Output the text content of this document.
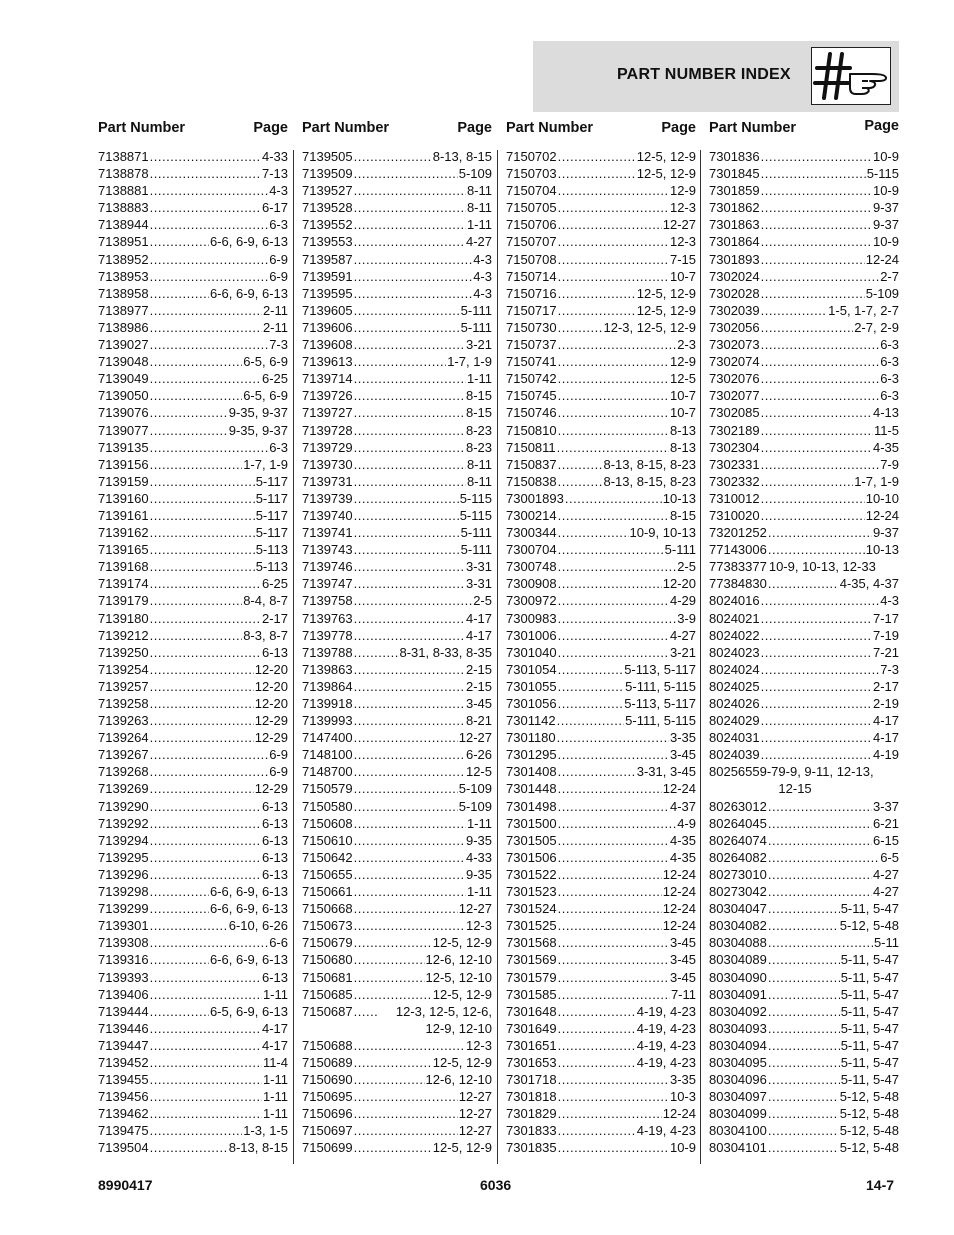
PART NUMBER INDEX
Part Number	Page
7138871 .....	4-33
7138878 .....	7-13
7138881 .....	4-3
7138883 .....	6-17
7138944 .....	6-3
7138951 .....	6-6, 6-9, 6-13
7138952 .....	6-9
7138953 .....	6-9
7138958 .....	6-6, 6-9, 6-13
7138977 .....	2-11
7138986 .....	2-11
7139027 .....	7-3
7139048 .....	6-5, 6-9
7139049 .....	6-25
7139050 .....	6-5, 6-9
7139076 .....	9-35, 9-37
7139077 .....	9-35, 9-37
7139135 .....	6-3
7139156 .....	1-7, 1-9
7139159 .....	5-117
7139160 .....	5-117
7139161 .....	5-117
7139162 .....	5-117
7139165 .....	5-113
7139168 .....	5-113
7139174 .....	6-25
7139179 .....	8-4, 8-7
7139180 .....	2-17
7139212 .....	8-3, 8-7
7139250 .....	6-13
7139254 .....	12-20
7139257 .....	12-20
7139258 .....	12-20
7139263 .....	12-29
7139264 .....	12-29
7139267 .....	6-9
7139268 .....	6-9
7139269 .....	12-29
7139290 .....	6-13
7139292 .....	6-13
7139294 .....	6-13
7139295 .....	6-13
7139296 .....	6-13
7139298 .....	6-6, 6-9, 6-13
7139299 .....	6-6, 6-9, 6-13
7139301 .....	6-10, 6-26
7139308 .....	6-6
7139316 .....	6-6, 6-9, 6-13
7139393 .....	6-13
7139406 .....	1-11
7139444 .....	6-5, 6-9, 6-13
7139446 .....	4-17
7139447 .....	4-17
7139452 .....	11-4
7139455 .....	1-11
7139456 .....	1-11
7139462 .....	1-11
7139475 .....	1-3, 1-5
7139504 .....	8-13, 8-15
Part Number	Page
7139505 .....	8-13, 8-15
7139509 .....	5-109
7139527 .....	8-11
7139528 .....	8-11
7139552 .....	1-11
7139553 .....	4-27
7139587 .....	4-3
7139591 .....	4-3
7139595 .....	4-3
7139605 .....	5-111
7139606 .....	5-111
7139608 .....	3-21
7139613 .....	1-7, 1-9
7139714 .....	1-11
7139726 .....	8-15
7139727 .....	8-15
7139728 .....	8-23
7139729 .....	8-23
7139730 .....	8-11
7139731 .....	8-11
7139739 .....	5-115
7139740 .....	5-115
7139741 .....	5-111
7139743 .....	5-111
7139746 .....	3-31
7139747 .....	3-31
7139758 .....	2-5
7139763 .....	4-17
7139778 .....	4-17
7139788 .....	8-31, 8-33, 8-35
7139863 .....	2-15
7139864 .....	2-15
7139918 .....	3-45
7139993 .....	8-21
7147400 .....	12-27
7148100 .....	6-26
7148700 .....	12-5
7150579 .....	5-109
7150580 .....	5-109
7150608 .....	1-11
7150610 .....	9-35
7150642 .....	4-33
7150655 .....	9-35
7150661 .....	1-11
7150668 .....	12-27
7150673 .....	12-3
7150679 .....	12-5, 12-9
7150680 .....	12-6, 12-10
7150681 .....	12-5, 12-10
7150685 .....	12-5, 12-9
7150687 .....	12-3, 12-5, 12-6, 12-9, 12-10
7150688 .....	12-3
7150689 .....	12-5, 12-9
7150690 .....	12-6, 12-10
7150695 .....	12-27
7150696 .....	12-27
7150697 .....	12-27
7150699 .....	12-5, 12-9
Part Number	Page
7150702 .....	12-5, 12-9
7150703 .....	12-5, 12-9
7150704 .....	12-9
7150705 .....	12-3
7150706 .....	12-27
7150707 .....	12-3
7150708 .....	7-15
7150714 .....	10-7
7150716 .....	12-5, 12-9
7150717 .....	12-5, 12-9
7150730 .....	12-3, 12-5, 12-9
7150737 .....	2-3
7150741 .....	12-9
7150742 .....	12-5
7150745 .....	10-7
7150746 .....	10-7
7150810 .....	8-13
7150811 .....	8-13
7150837 .....	8-13, 8-15, 8-23
7150838 .....	8-13, 8-15, 8-23
73001893 .....	10-13
7300214 .....	8-15
7300344 .....	10-9, 10-13
7300704 .....	5-111
7300748 .....	2-5
7300908 .....	12-20
7300972 .....	4-29
7300983 .....	3-9
7301006 .....	4-27
7301040 .....	3-21
7301054 .....	5-113, 5-117
7301055 .....	5-111, 5-115
7301056 .....	5-113, 5-117
7301142 .....	5-111, 5-115
7301180 .....	3-35
7301295 .....	3-45
7301408 .....	3-31, 3-45
7301448 .....	12-24
7301498 .....	4-37
7301500 .....	4-9
7301505 .....	4-35
7301506 .....	4-35
7301522 .....	12-24
7301523 .....	12-24
7301524 .....	12-24
7301525 .....	12-24
7301568 .....	3-45
7301569 .....	3-45
7301579 .....	3-45
7301585 .....	7-11
7301648 .....	4-19, 4-23
7301649 .....	4-19, 4-23
7301651 .....	4-19, 4-23
7301653 .....	4-19, 4-23
7301718 .....	3-35
7301818 .....	10-3
7301829 .....	12-24
7301833 .....	4-19, 4-23
7301835 .....	10-9
Part Number	Page
7301836 .....	10-9
7301845 .....	5-115
7301859 .....	10-9
7301862 .....	9-37
7301863 .....	9-37
7301864 .....	10-9
7301893 .....	12-24
7302024 .....	2-7
7302028 .....	5-109
7302039 .....	1-5, 1-7, 2-7
7302056 .....	2-7, 2-9
7302073 .....	6-3
7302074 .....	6-3
7302076 .....	6-3
7302077 .....	6-3
7302085 .....	4-13
7302189 .....	11-5
7302304 .....	4-35
7302331 .....	7-9
7302332 .....	1-7, 1-9
7310012 .....	10-10
7310020 .....	12-24
73201252 .....	9-37
77143006 .....	10-13
77383377 10-9, 10-13, 12-33
77384830 .....	4-35, 4-37
8024016 .....	4-3
8024021 .....	7-17
8024022 .....	7-19
8024023 .....	7-21
8024024 .....	7-3
8024025 .....	2-17
8024026 .....	2-19
8024029 .....	4-17
8024031 .....	4-17
8024039 .....	4-19
80256559-7 9-9, 9-11, 12-13, 12-15
80263012 .....	3-37
80264045 .....	6-21
80264074 .....	6-15
80264082 .....	6-5
80273010 .....	4-27
80273042 .....	4-27
80304047 .....	5-11, 5-47
80304082 .....	5-12, 5-48
80304088 .....	5-11
80304089 .....	5-11, 5-47
80304090 .....	5-11, 5-47
80304091 .....	5-11, 5-47
80304092 .....	5-11, 5-47
80304093 .....	5-11, 5-47
80304094 .....	5-11, 5-47
80304095 .....	5-11, 5-47
80304096 .....	5-11, 5-47
80304097 .....	5-12, 5-48
80304099 .....	5-12, 5-48
80304100 .....	5-12, 5-48
80304101 .....	5-12, 5-48
8990417	6036	14-7
